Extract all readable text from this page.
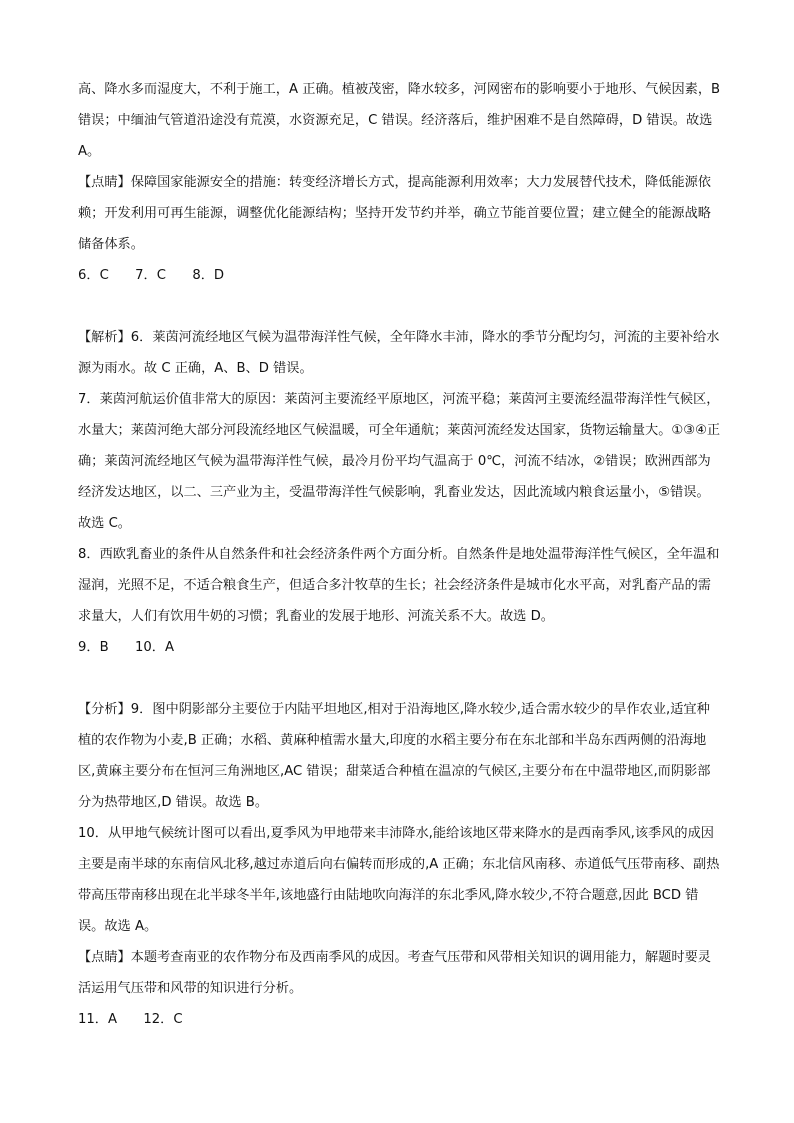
高、降水多而湿度大，不利于施工，A 正确。植被茂密，降水较多，河网密布的影响要小于地形、气候因素，B 错误；中缅油气管道沿途没有荒漠，水资源充足，C 错误。经济落后，维护困难不是自然障碍，D 错误。故选 A。

【点睛】保障国家能源安全的措施：转变经济增长方式，提高能源利用效率；大力发展替代技术，降低能源依赖；开发利用可再生能源，调整优化能源结构；坚持开发节约并举，确立节能首要位置；建立健全的能源战略储备体系。

6．C　　7．C　　8．D

【解析】6．莱茵河流经地区气候为温带海洋性气候，全年降水丰沛，降水的季节分配均匀，河流的主要补给水源为雨水。故 C 正确，A、B、D 错误。

7．莱茵河航运价值非常大的原因：莱茵河主要流经平原地区，河流平稳；莱茵河主要流经温带海洋性气候区，水量大；莱茵河绝大部分河段流经地区气候温暖，可全年通航；莱茵河流经发达国家，货物运输量大。①③④正确；莱茵河流经地区气候为温带海洋性气候，最冷月份平均气温高于 0℃，河流不结冰，②错误；欧洲西部为经济发达地区，以二、三产业为主，受温带海洋性气候影响，乳畜业发达，因此流域内粮食运量小，⑤错误。故选 C。

8．西欧乳畜业的条件从自然条件和社会经济条件两个方面分析。自然条件是地处温带海洋性气候区，全年温和湿润，光照不足，不适合粮食生产，但适合多汁牧草的生长；社会经济条件是城市化水平高，对乳畜产品的需求量大，人们有饮用牛奶的习惯；乳畜业的发展于地形、河流关系不大。故选 D。

9．B　　10．A

【分析】9．图中阴影部分主要位于内陆平坦地区,相对于沿海地区,降水较少,适合需水较少的旱作农业,适宜种植的农作物为小麦,B 正确；水稻、黄麻种植需水量大,印度的水稻主要分布在东北部和半岛东西两侧的沿海地区,黄麻主要分布在恒河三角洲地区,AC 错误；甜菜适合种植在温凉的气候区,主要分布在中温带地区,而阴影部分为热带地区,D 错误。故选 B。

10．从甲地气候统计图可以看出,夏季风为甲地带来丰沛降水,能给该地区带来降水的是西南季风,该季风的成因主要是南半球的东南信风北移,越过赤道后向右偏转而形成的,A 正确；东北信风南移、赤道低气压带南移、副热带高压带南移出现在北半球冬半年,该地盛行由陆地吹向海洋的东北季风,降水较少,不符合题意,因此 BCD 错误。故选 A。

【点睛】本题考查南亚的农作物分布及西南季风的成因。考查气压带和风带相关知识的调用能力，解题时要灵活运用气压带和风带的知识进行分析。

11．A　　12．C
